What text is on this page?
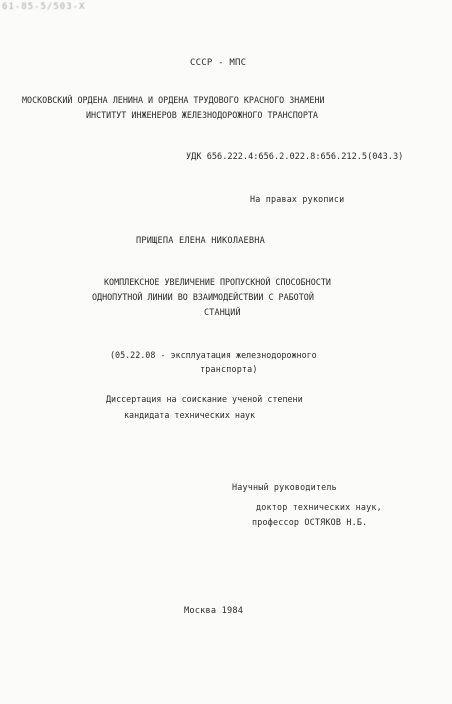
61-85-5/503-X
СССР - МПС
МОСКОВСКИЙ ОРДЕНА ЛЕНИНА И ОРДЕНА ТРУДОВОГО КРАСНОГО ЗНАМЕНИ
ИНСТИТУТ ИНЖЕНЕРОВ ЖЕЛЕЗНОДОРОЖНОГО ТРАНСПОРТА
УДК 656.222.4:656.2.022.8:656.212.5(043.3)
На правах рукописи
ПРИЩЕПА ЕЛЕНА НИКОЛАЕВНА
КОМПЛЕКСНОЕ УВЕЛИЧЕНИЕ ПРОПУСКНОЙ СПОСОБНОСТИ
ОДНОПУТНОЙ ЛИНИИ ВО ВЗАИМОДЕЙСТВИИ С РАБОТОЙ
СТАНЦИЙ
(05.22.08 - эксплуатация железнодорожного
транспорта)
Диссертация на соискание ученой степени
кандидата технических наук
Научный руководитель
доктор технических наук,
профессор ОСТЯКОВ Н.Б.
Москва 1984
